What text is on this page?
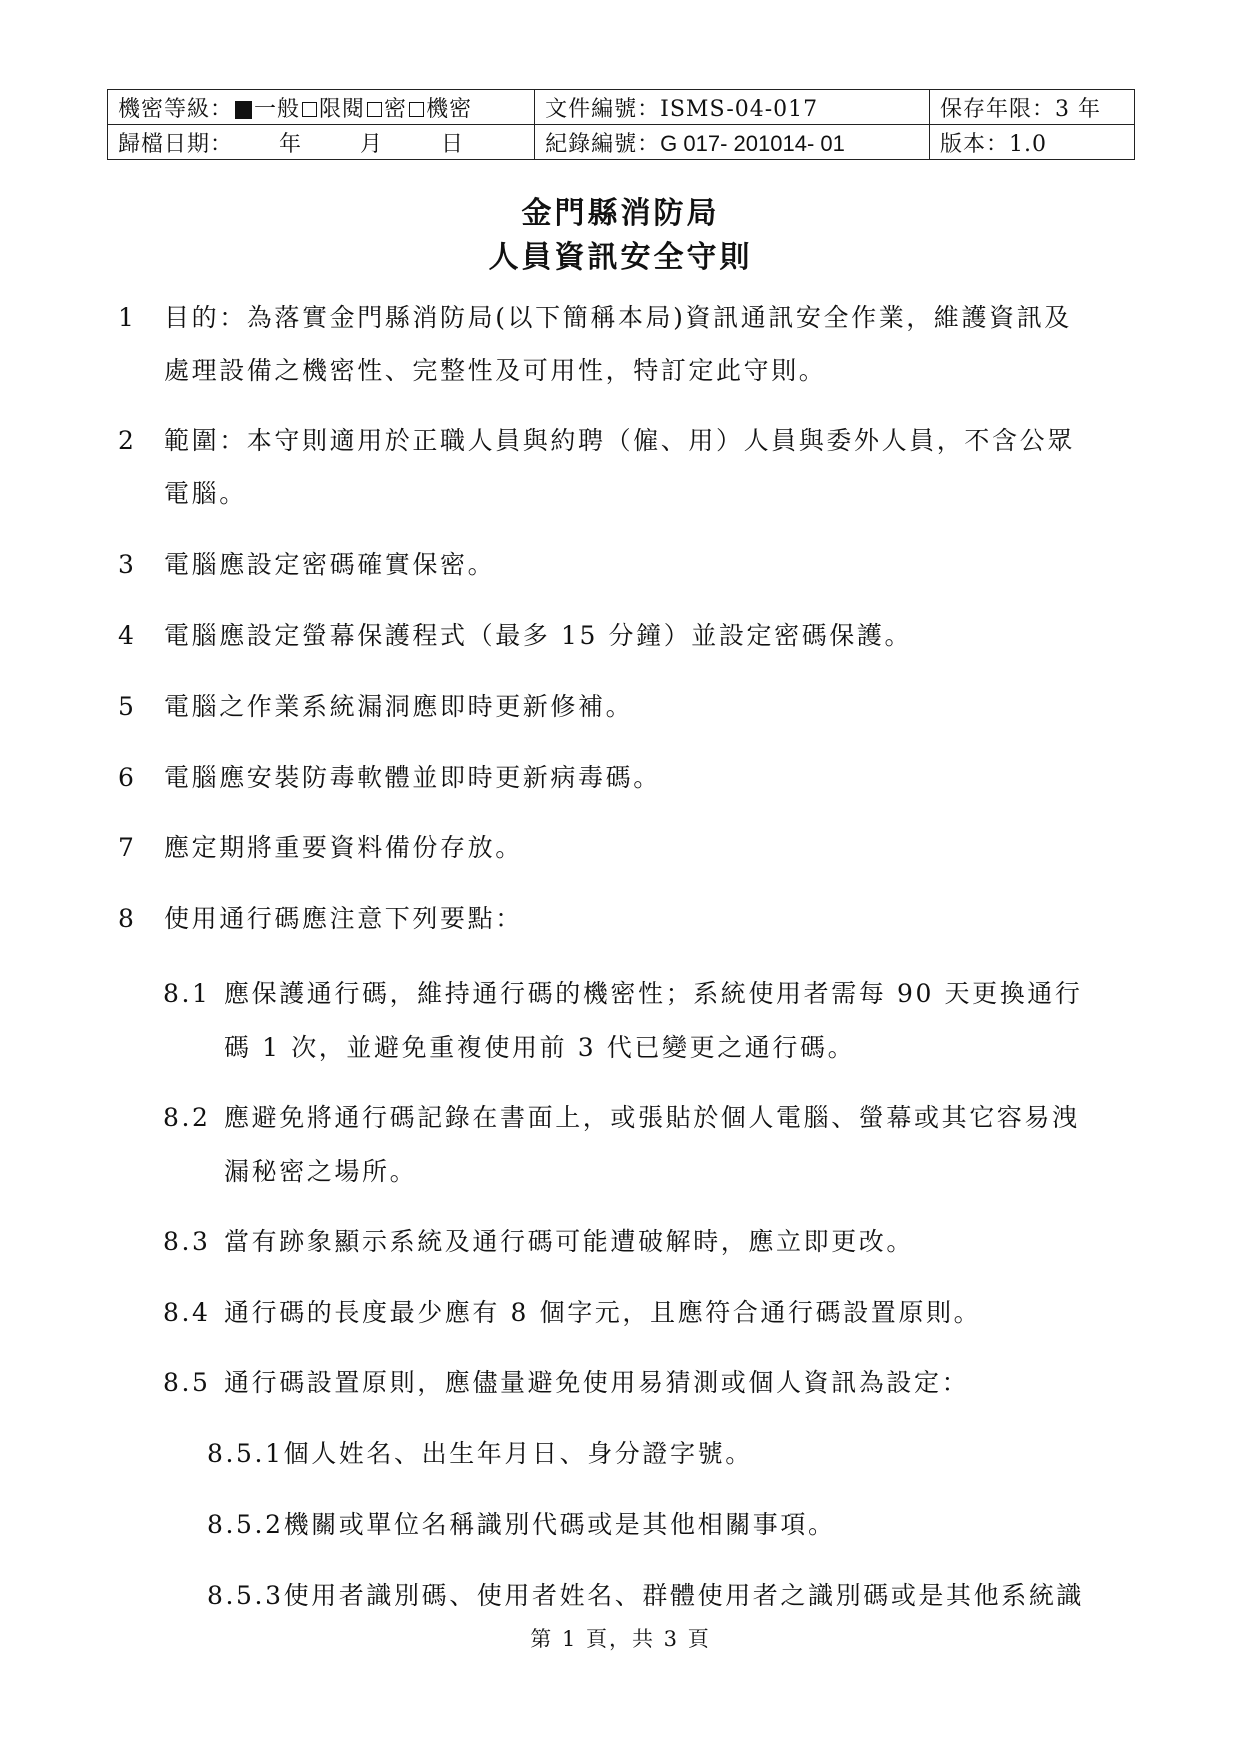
機密等級： 一般 限閱 密 機密	文件編號：ISMS-04-017	保存年限：3 年
歸檔日期： 年 月 日	紀錄編號：G 017- 201014- 01	版本：1.0
金門縣消防局
人員資訊安全守則
1 目的：為落實金門縣消防局(以下簡稱本局)資訊通訊安全作業，維護資訊及
處理設備之機密性、完整性及可用性，特訂定此守則。
2 範圍：本守則適用於正職人員與約聘（僱、用）人員與委外人員，不含公眾
電腦。
3 電腦應設定密碼確實保密。
4 電腦應設定螢幕保護程式（最多 15 分鐘）並設定密碼保護。
5 電腦之作業系統漏洞應即時更新修補。
6 電腦應安裝防毒軟體並即時更新病毒碼。
7 應定期將重要資料備份存放。
8 使用通行碼應注意下列要點：
8.1 應保護通行碼，維持通行碼的機密性；系統使用者需每 90 天更換通行
碼 1 次，並避免重複使用前 3 代已變更之通行碼。
8.2 應避免將通行碼記錄在書面上，或張貼於個人電腦、螢幕或其它容易洩
漏秘密之場所。
8.3 當有跡象顯示系統及通行碼可能遭破解時，應立即更改。
8.4 通行碼的長度最少應有 8 個字元，且應符合通行碼設置原則。
8.5 通行碼設置原則，應儘量避免使用易猜測或個人資訊為設定：
8.5.1個人姓名、出生年月日、身分證字號。
8.5.2機關或單位名稱識別代碼或是其他相關事項。
8.5.3使用者識別碼、使用者姓名、群體使用者之識別碼或是其他系統識
第 1 頁，共 3 頁
